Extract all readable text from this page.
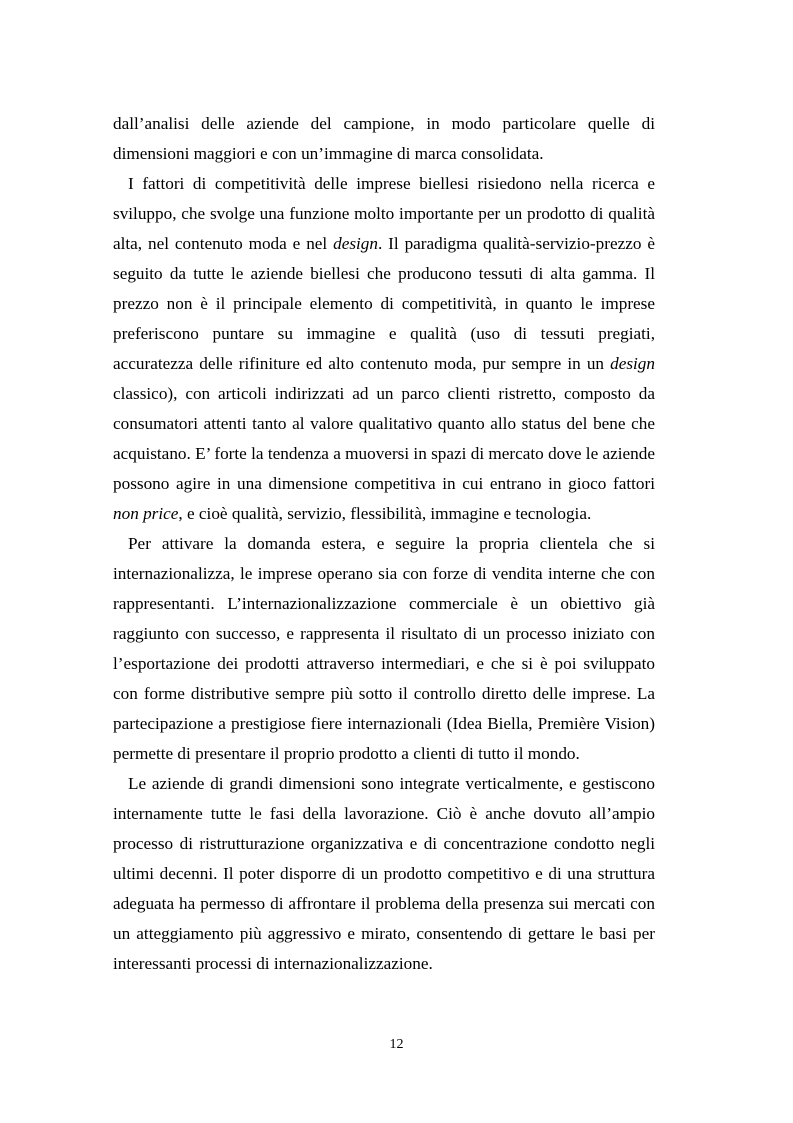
dall’analisi delle aziende del campione, in modo particolare quelle di dimensioni maggiori e con un’immagine di marca consolidata.

I fattori di competitività delle imprese biellesi risiedono nella ricerca e sviluppo, che svolge una funzione molto importante per un prodotto di qualità alta, nel contenuto moda e nel design. Il paradigma qualità-servizio-prezzo è seguito da tutte le aziende biellesi che producono tessuti di alta gamma. Il prezzo non è il principale elemento di competitività, in quanto le imprese preferiscono puntare su immagine e qualità (uso di tessuti pregiati, accuratezza delle rifiniture ed alto contenuto moda, pur sempre in un design classico), con articoli indirizzati ad un parco clienti ristretto, composto da consumatori attenti tanto al valore qualitativo quanto allo status del bene che acquistano. E’ forte la tendenza a muoversi in spazi di mercato dove le aziende possono agire in una dimensione competitiva in cui entrano in gioco fattori non price, e cioè qualità, servizio, flessibilità, immagine e tecnologia.

Per attivare la domanda estera, e seguire la propria clientela che si internazionalizza, le imprese operano sia con forze di vendita interne che con rappresentanti. L’internazionalizzazione commerciale è un obiettivo già raggiunto con successo, e rappresenta il risultato di un processo iniziato con l’esportazione dei prodotti attraverso intermediari, e che si è poi sviluppato con forme distributive sempre più sotto il controllo diretto delle imprese. La partecipazione a prestigiose fiere internazionali (Idea Biella, Première Vision) permette di presentare il proprio prodotto a clienti di tutto il mondo.

Le aziende di grandi dimensioni sono integrate verticalmente, e gestiscono internamente tutte le fasi della lavorazione. Ciò è anche dovuto all’ampio processo di ristrutturazione organizzativa e di concentrazione condotto negli ultimi decenni. Il poter disporre di un prodotto competitivo e di una struttura adeguata ha permesso di affrontare il problema della presenza sui mercati con un atteggiamento più aggressivo e mirato, consentendo di gettare le basi per interessanti processi di internazionalizzazione.

12
